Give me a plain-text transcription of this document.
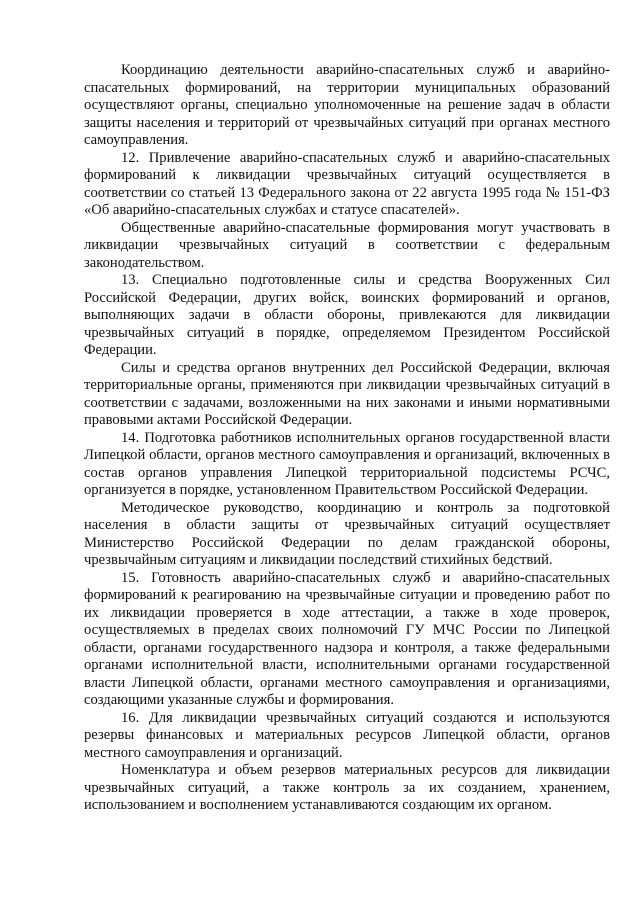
Координацию деятельности аварийно-спасательных служб и аварийно-спасательных формирований, на территории муниципальных образований осуществляют органы, специально уполномоченные на решение задач в области защиты населения и территорий от чрезвычайных ситуаций при органах местного самоуправления.

12. Привлечение аварийно-спасательных служб и аварийно-спасательных формирований к ликвидации чрезвычайных ситуаций осуществляется в соответствии со статьей 13 Федерального закона от 22 августа 1995 года № 151-ФЗ «Об аварийно-спасательных службах и статусе спасателей».

Общественные аварийно-спасательные формирования могут участвовать в ликвидации чрезвычайных ситуаций в соответствии с федеральным законодательством.

13. Специально подготовленные силы и средства Вооруженных Сил Российской Федерации, других войск, воинских формирований и органов, выполняющих задачи в области обороны, привлекаются для ликвидации чрезвычайных ситуаций в порядке, определяемом Президентом Российской Федерации.

Силы и средства органов внутренних дел Российской Федерации, включая территориальные органы, применяются при ликвидации чрезвычайных ситуаций в соответствии с задачами, возложенными на них законами и иными нормативными правовыми актами Российской Федерации.

14. Подготовка работников исполнительных органов государственной власти Липецкой области, органов местного самоуправления и организаций, включенных в состав органов управления Липецкой территориальной подсистемы РСЧС, организуется в порядке, установленном Правительством Российской Федерации.

Методическое руководство, координацию и контроль за подготовкой населения в области защиты от чрезвычайных ситуаций осуществляет Министерство Российской Федерации по делам гражданской обороны, чрезвычайным ситуациям и ликвидации последствий стихийных бедствий.

15. Готовность аварийно-спасательных служб и аварийно-спасательных формирований к реагированию на чрезвычайные ситуации и проведению работ по их ликвидации проверяется в ходе аттестации, а также в ходе проверок, осуществляемых в пределах своих полномочий ГУ МЧС России по Липецкой области, органами государственного надзора и контроля, а также федеральными органами исполнительной власти, исполнительными органами государственной власти Липецкой области, органами местного самоуправления и организациями, создающими указанные службы и формирования.

16. Для ликвидации чрезвычайных ситуаций создаются и используются резервы финансовых и материальных ресурсов Липецкой области, органов местного самоуправления и организаций.

Номенклатура и объем резервов материальных ресурсов для ликвидации чрезвычайных ситуаций, а также контроль за их созданием, хранением, использованием и восполнением устанавливаются создающим их органом.
